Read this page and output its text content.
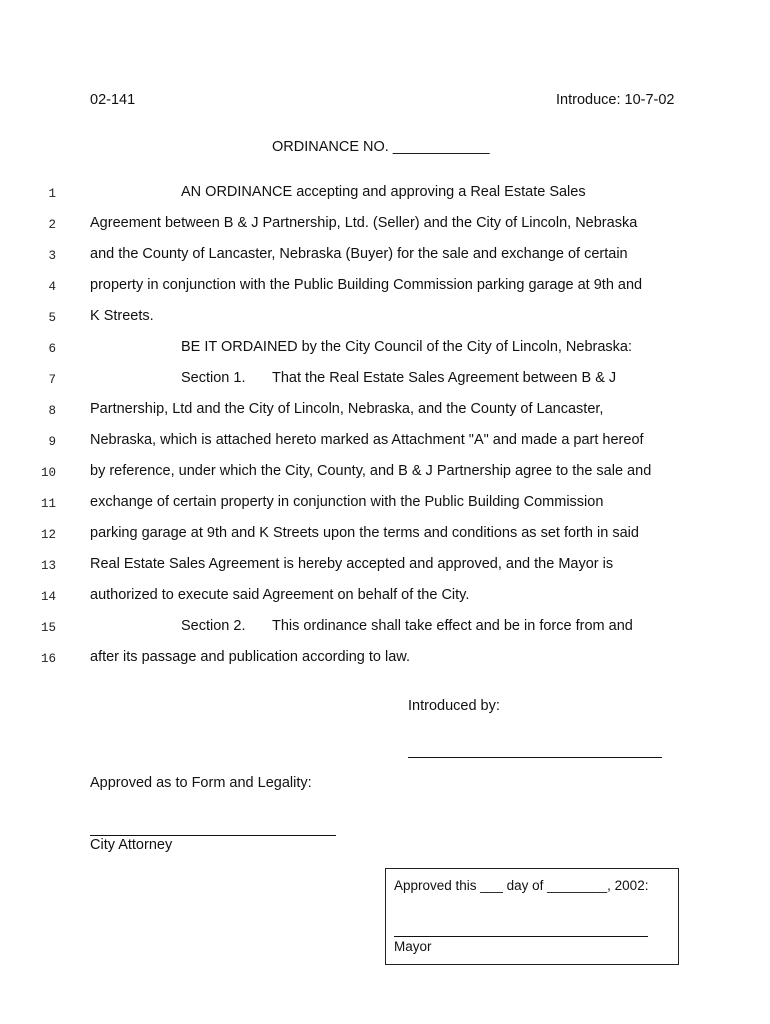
02-141	Introduce: 10-7-02
ORDINANCE NO. ____________
1	AN ORDINANCE accepting and approving a Real Estate Sales
2 Agreement between B & J Partnership, Ltd. (Seller) and the City of Lincoln, Nebraska
3 and the County of Lancaster, Nebraska (Buyer) for the sale and exchange of certain
4 property in conjunction with the Public Building Commission parking garage at 9th and
5 K Streets.
6	BE IT ORDAINED by the City Council of the City of Lincoln, Nebraska:
7	Section 1. That the Real Estate Sales Agreement between B & J
8 Partnership, Ltd and the City of Lincoln, Nebraska, and the County of Lancaster,
9 Nebraska, which is attached hereto marked as Attachment "A" and made a part hereof
10 by reference, under which the City, County, and B & J Partnership agree to the sale and
11 exchange of certain property in conjunction with the Public Building Commission
12 parking garage at 9th and K Streets upon the terms and conditions as set forth in said
13 Real Estate Sales Agreement is hereby accepted and approved, and the Mayor is
14 authorized to execute said Agreement on behalf of the City.
15	Section 2. This ordinance shall take effect and be in force from and
16 after its passage and publication according to law.
Introduced by:
Approved as to Form and Legality:
City Attorney
Approved this ___ day of ________, 2002:
Mayor
